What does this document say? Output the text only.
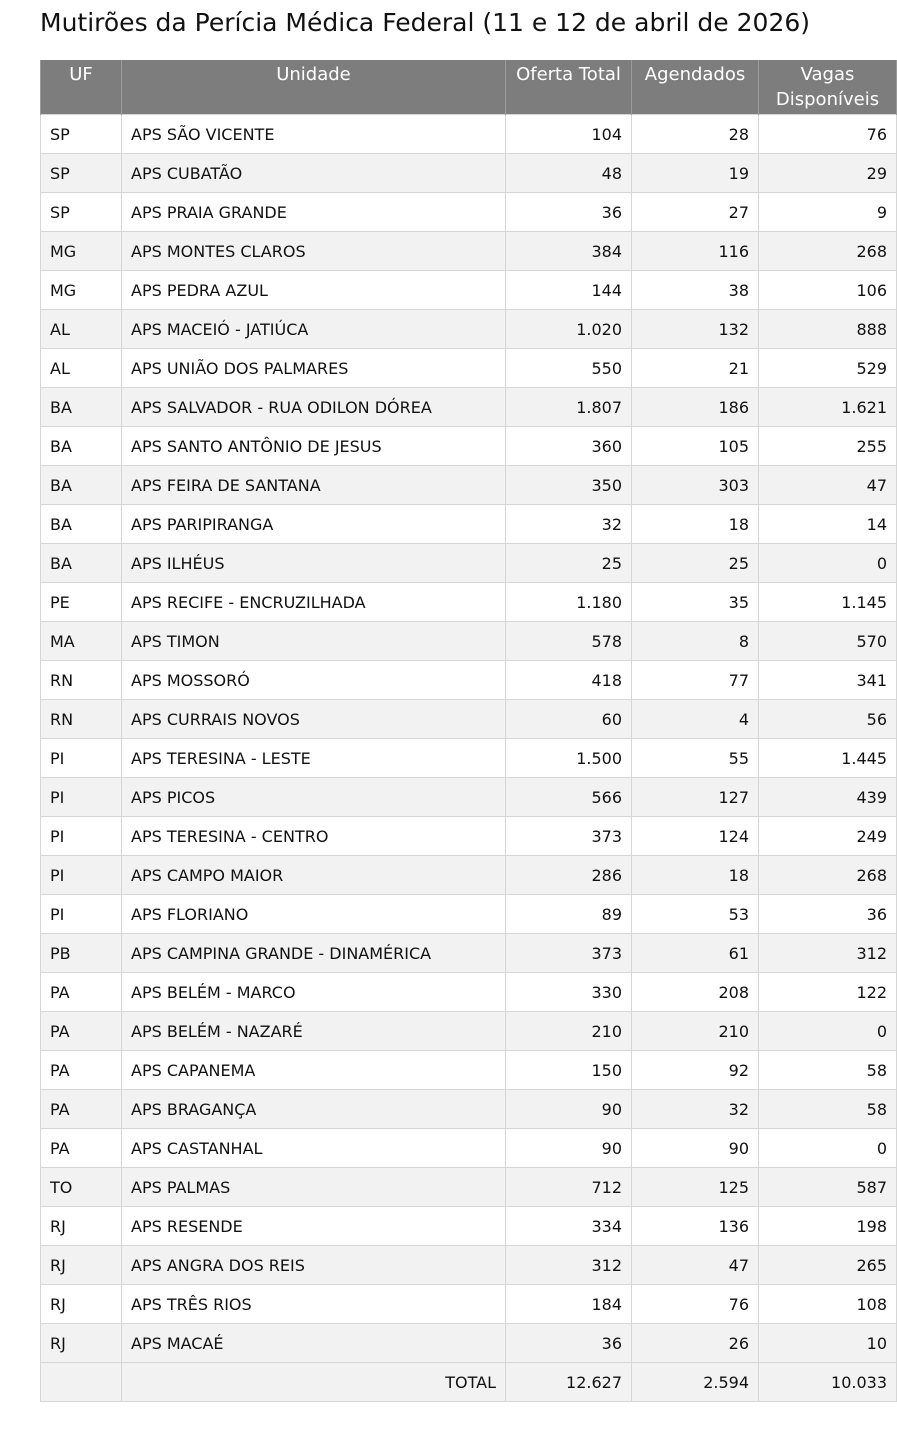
Mutirões da Perícia Médica Federal (11 e 12 de abril de 2026)
UF	Unidade	Oferta Total	Agendados	Vagas Disponíveis
SP	APS SÃO VICENTE	104	28	76
SP	APS CUBATÃO	48	19	29
SP	APS PRAIA GRANDE	36	27	9
MG	APS MONTES CLAROS	384	116	268
MG	APS PEDRA AZUL	144	38	106
AL	APS MACEIÓ - JATIÚCA	1.020	132	888
AL	APS UNIÃO DOS PALMARES	550	21	529
BA	APS SALVADOR - RUA ODILON DÓREA	1.807	186	1.621
BA	APS SANTO ANTÔNIO DE JESUS	360	105	255
BA	APS FEIRA DE SANTANA	350	303	47
BA	APS PARIPIRANGA	32	18	14
BA	APS ILHÉUS	25	25	0
PE	APS RECIFE - ENCRUZILHADA	1.180	35	1.145
MA	APS TIMON	578	8	570
RN	APS MOSSORÓ	418	77	341
RN	APS CURRAIS NOVOS	60	4	56
PI	APS TERESINA - LESTE	1.500	55	1.445
PI	APS PICOS	566	127	439
PI	APS TERESINA - CENTRO	373	124	249
PI	APS CAMPO MAIOR	286	18	268
PI	APS FLORIANO	89	53	36
PB	APS CAMPINA GRANDE - DINAMÉRICA	373	61	312
PA	APS BELÉM - MARCO	330	208	122
PA	APS BELÉM - NAZARÉ	210	210	0
PA	APS CAPANEMA	150	92	58
PA	APS BRAGANÇA	90	32	58
PA	APS CASTANHAL	90	90	0
TO	APS PALMAS	712	125	587
RJ	APS RESENDE	334	136	198
RJ	APS ANGRA DOS REIS	312	47	265
RJ	APS TRÊS RIOS	184	76	108
RJ	APS MACAÉ	36	26	10
	TOTAL	12.627	2.594	10.033
